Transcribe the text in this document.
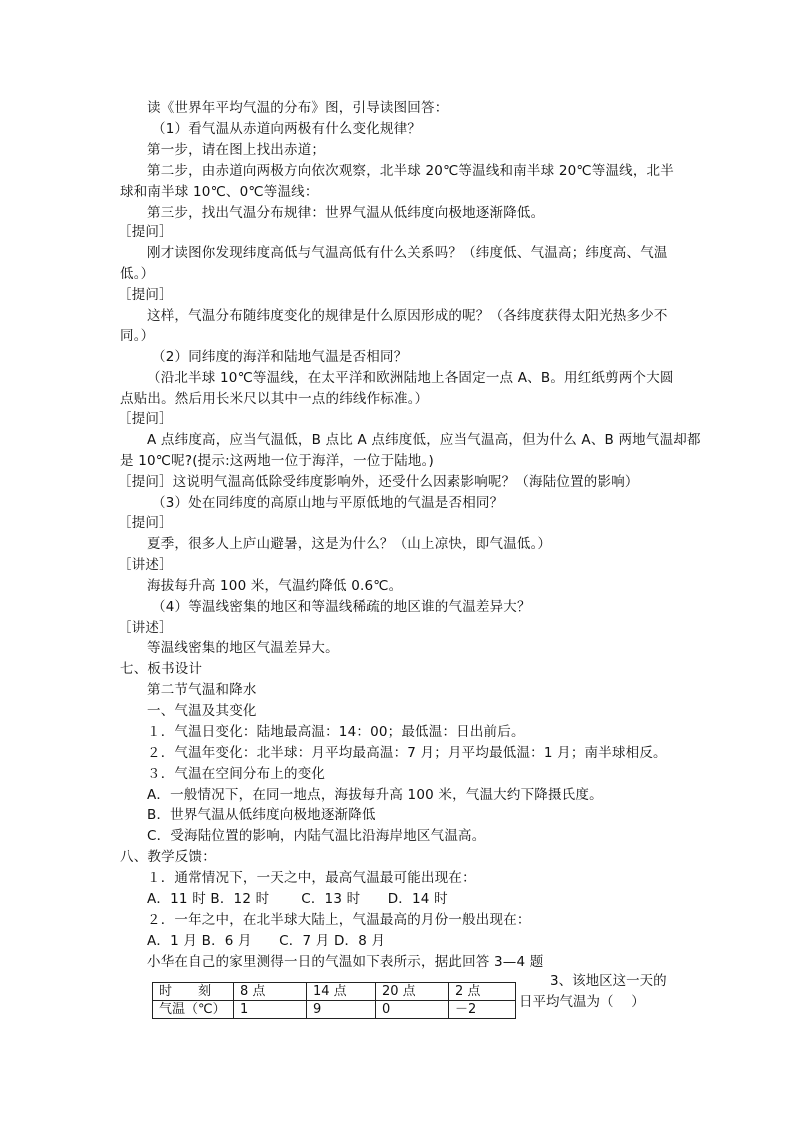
读《世界年平均气温的分布》图，引导读图回答：
（1）看气温从赤道向两极有什么变化规律？
第一步，请在图上找出赤道；
第二步，由赤道向两极方向依次观察，北半球 20℃等温线和南半球 20℃等温线，北半
球和南半球 10℃、0℃等温线：
第三步，找出气温分布规律：世界气温从低纬度向极地逐渐降低。
［提问］
刚才读图你发现纬度高低与气温高低有什么关系吗？（纬度低、气温高；纬度高、气温
低。）
［提问］
这样，气温分布随纬度变化的规律是什么原因形成的呢？（各纬度获得太阳光热多少不
同。）
（2）同纬度的海洋和陆地气温是否相同？
（沿北半球 10℃等温线，在太平洋和欧洲陆地上各固定一点 A、B。用红纸剪两个大圆
点贴出。然后用长米尺以其中一点的纬线作标准。）
［提问］
A 点纬度高，应当气温低，B 点比 A 点纬度低，应当气温高，但为什么 A、B 两地气温却都
是 10℃呢?(提示:这两地一位于海洋，一位于陆地。)
［提问］这说明气温高低除受纬度影响外，还受什么因素影响呢？（海陆位置的影响）
（3）处在同纬度的高原山地与平原低地的气温是否相同？
［提问］
夏季，很多人上庐山避暑，这是为什么？（山上凉快，即气温低。）
［讲述］
海拔每升高 100 米，气温约降低 0.6℃。
（4）等温线密集的地区和等温线稀疏的地区谁的气温差异大？
［讲述］
等温线密集的地区气温差异大。
七、板书设计
第二节气温和降水
一、气温及其变化
１．气温日变化：陆地最高温：14：00；最低温：日出前后。
２．气温年变化：北半球：月平均最高温：7 月；月平均最低温：1 月；南半球相反。
３．气温在空间分布上的变化
A．一般情况下，在同一地点，海拔每升高 100 米，气温大约下降摄氏度。
B．世界气温从低纬度向极地逐渐降低
C．受海陆位置的影响，内陆气温比沿海岸地区气温高。
八、教学反馈：
１．通常情况下，一天之中，最高气温最可能出现在：
A．11 时 B．12 时　　 C．13 时　　D．14 时
２．一年之中，在北半球大陆上，气温最高的月份一般出现在：
A．1 月 B．6 月　　C．7 月 D．8 月
小华在自己的家里测得一日的气温如下表所示，据此回答 3—4 题
时　　刻	8 点	14 点	20 点	2 点
气温（℃）	1	9	0	－2
3、该地区这一天的
日平均气温为（　 ）
